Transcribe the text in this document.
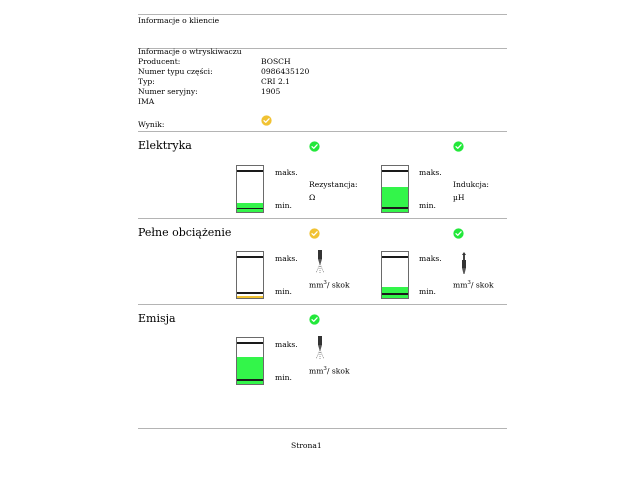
Informacje o kliencie
Informacje o wtryskiwaczu
Producent:	BOSCH
Numer typu części:	0986435120
Typ:	CRI 2.1
Numer seryjny:	1905
IMA
Wynik:
Elektryka
maks.
min.
Rezystancja:
Ω
maks.
min.
Indukcja:
µH
Pełne obciążenie
maks.
min.
$mm^3/$ skok
maks.
min.
$mm^3/$ skok
Emisja
maks.
min.
$mm^3/$ skok
Strona1
